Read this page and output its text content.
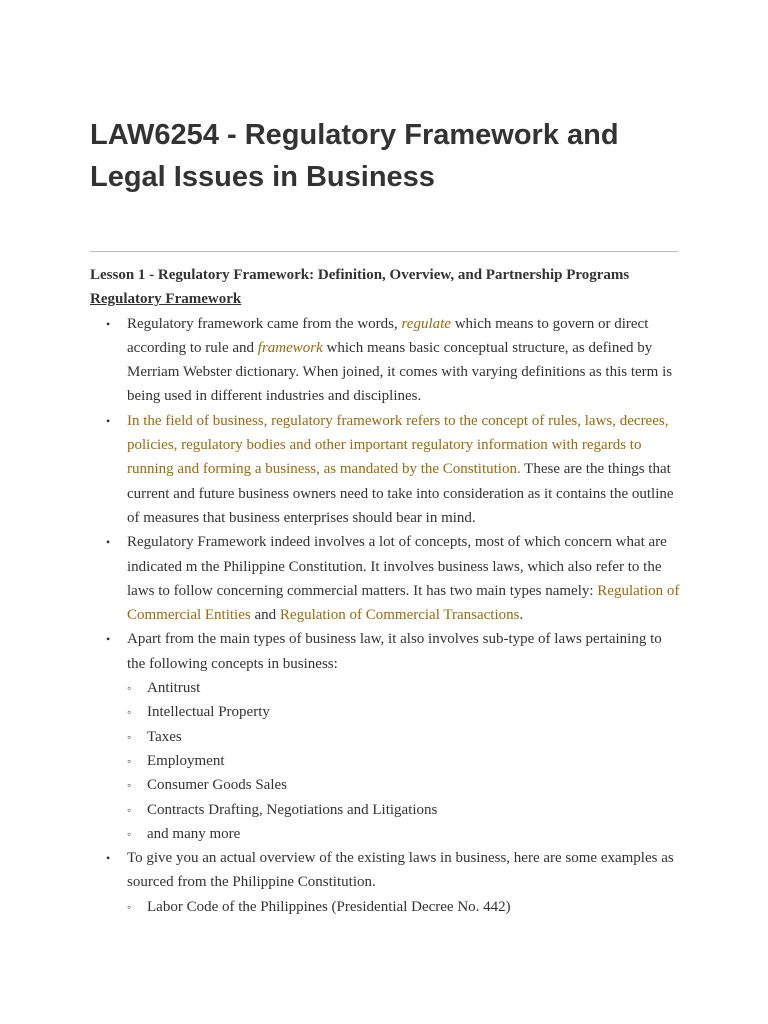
LAW6254 - Regulatory Framework and Legal Issues in Business

Lesson 1 - Regulatory Framework: Definition, Overview, and Partnership Programs

Regulatory Framework

• Regulatory framework came from the words, regulate which means to govern or direct according to rule and framework which means basic conceptual structure, as defined by Merriam Webster dictionary. When joined, it comes with varying definitions as this term is being used in different industries and disciplines.
• In the field of business, regulatory framework refers to the concept of rules, laws, decrees, policies, regulatory bodies and other important regulatory information with regards to running and forming a business, as mandated by the Constitution. These are the things that current and future business owners need to take into consideration as it contains the outline of measures that business enterprises should bear in mind.
• Regulatory Framework indeed involves a lot of concepts, most of which concern what are indicated m the Philippine Constitution. It involves business laws, which also refer to the laws to follow concerning commercial matters. It has two main types namely: Regulation of Commercial Entities and Regulation of Commercial Transactions.
• Apart from the main types of business law, it also involves sub-type of laws pertaining to the following concepts in business:
◦ Antitrust
◦ Intellectual Property
◦ Taxes
◦ Employment
◦ Consumer Goods Sales
◦ Contracts Drafting, Negotiations and Litigations
◦ and many more
• To give you an actual overview of the existing laws in business, here are some examples as sourced from the Philippine Constitution.
◦ Labor Code of the Philippines (Presidential Decree No. 442)
